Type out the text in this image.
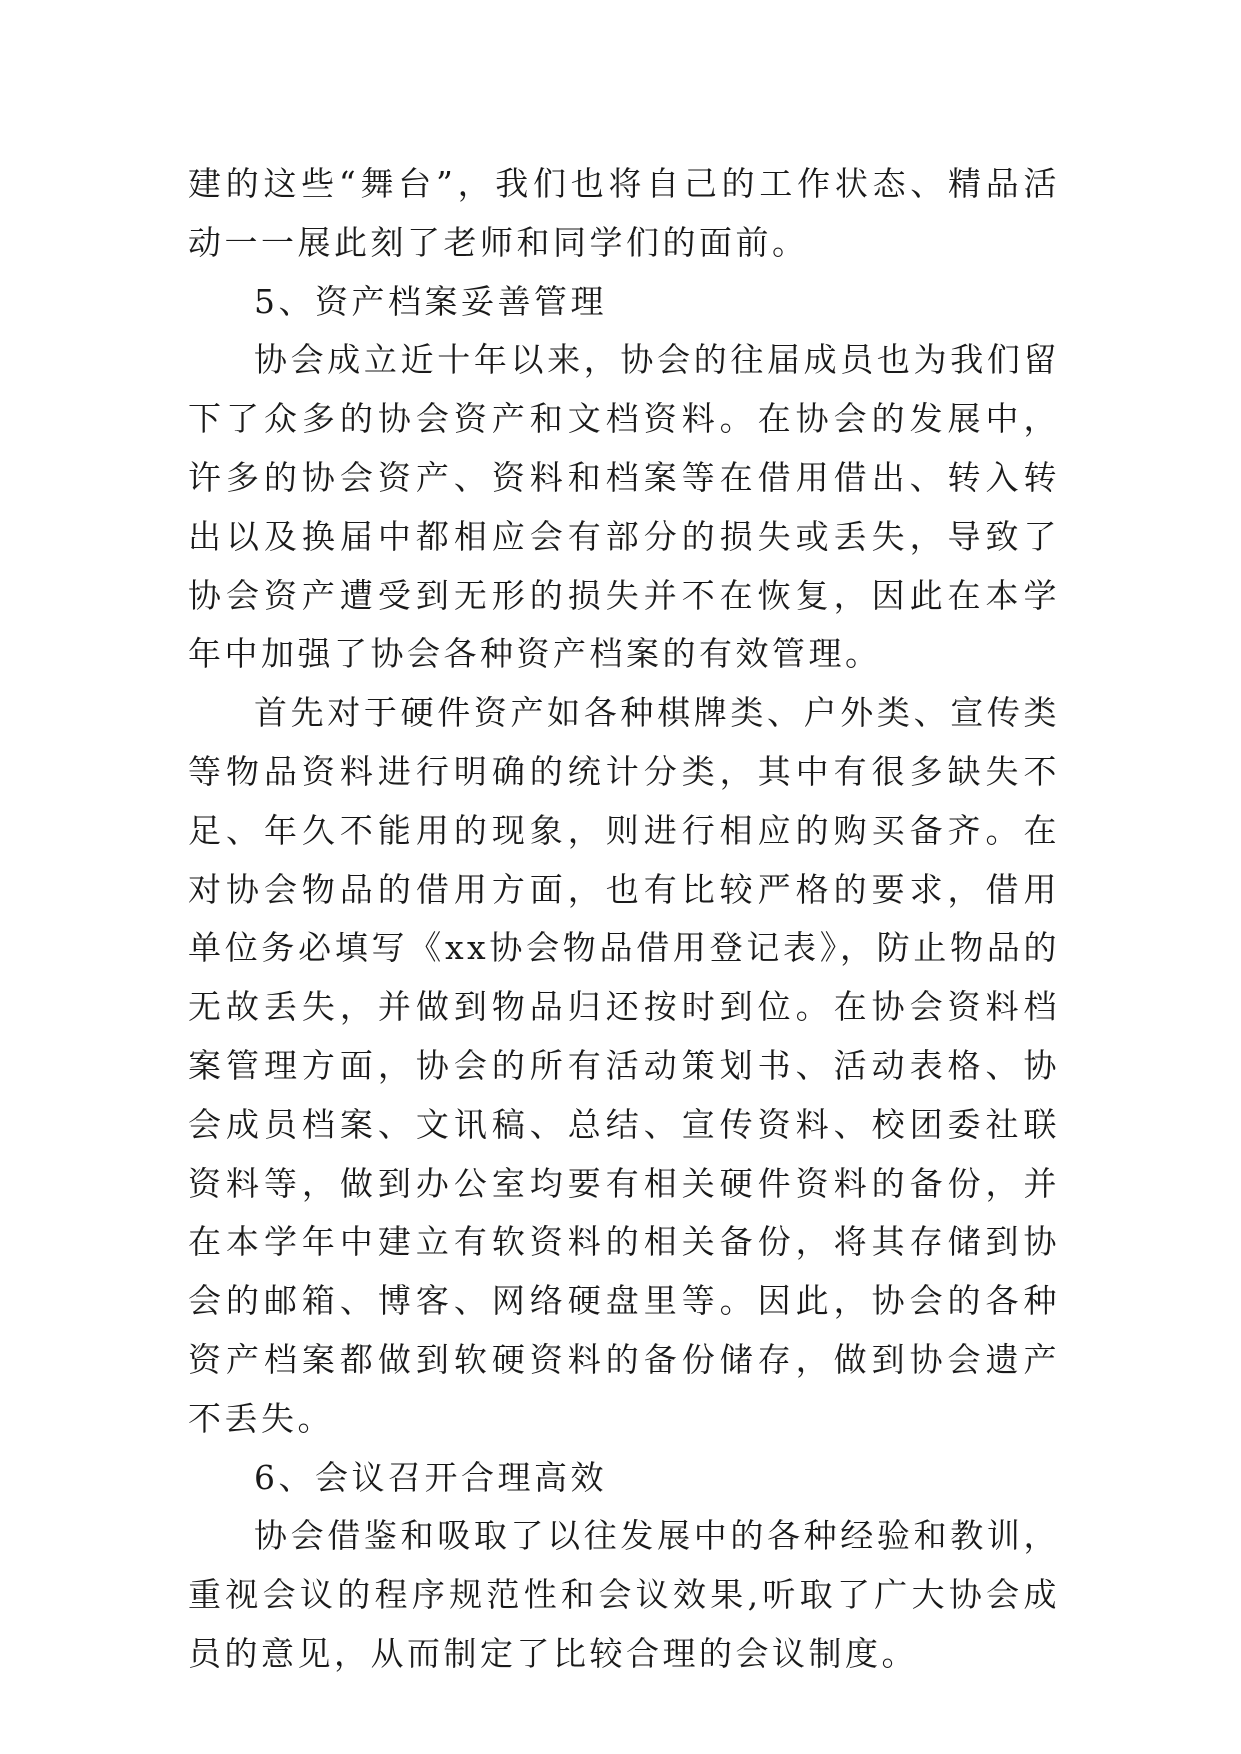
建的这些“舞台”，我们也将自己的工作状态、精品活动一一展此刻了老师和同学们的面前。

5、资产档案妥善管理

协会成立近十年以来，协会的往届成员也为我们留下了众多的协会资产和文档资料。在协会的发展中，许多的协会资产、资料和档案等在借用借出、转入转出以及换届中都相应会有部分的损失或丢失，导致了协会资产遭受到无形的损失并不在恢复，因此在本学年中加强了协会各种资产档案的有效管理。

首先对于硬件资产如各种棋牌类、户外类、宣传类等物品资料进行明确的统计分类，其中有很多缺失不足、年久不能用的现象，则进行相应的购买备齐。在对协会物品的借用方面，也有比较严格的要求，借用单位务必填写《xx协会物品借用登记表》，防止物品的无故丢失，并做到物品归还按时到位。在协会资料档案管理方面，协会的所有活动策划书、活动表格、协会成员档案、文讯稿、总结、宣传资料、校团委社联资料等，做到办公室均要有相关硬件资料的备份，并在本学年中建立有软资料的相关备份，将其存储到协会的邮箱、博客、网络硬盘里等。因此，协会的各种资产档案都做到软硬资料的备份储存，做到协会遗产不丢失。

6、会议召开合理高效

协会借鉴和吸取了以往发展中的各种经验和教训，重视会议的程序规范性和会议效果,听取了广大协会成员的意见，从而制定了比较合理的会议制度。
